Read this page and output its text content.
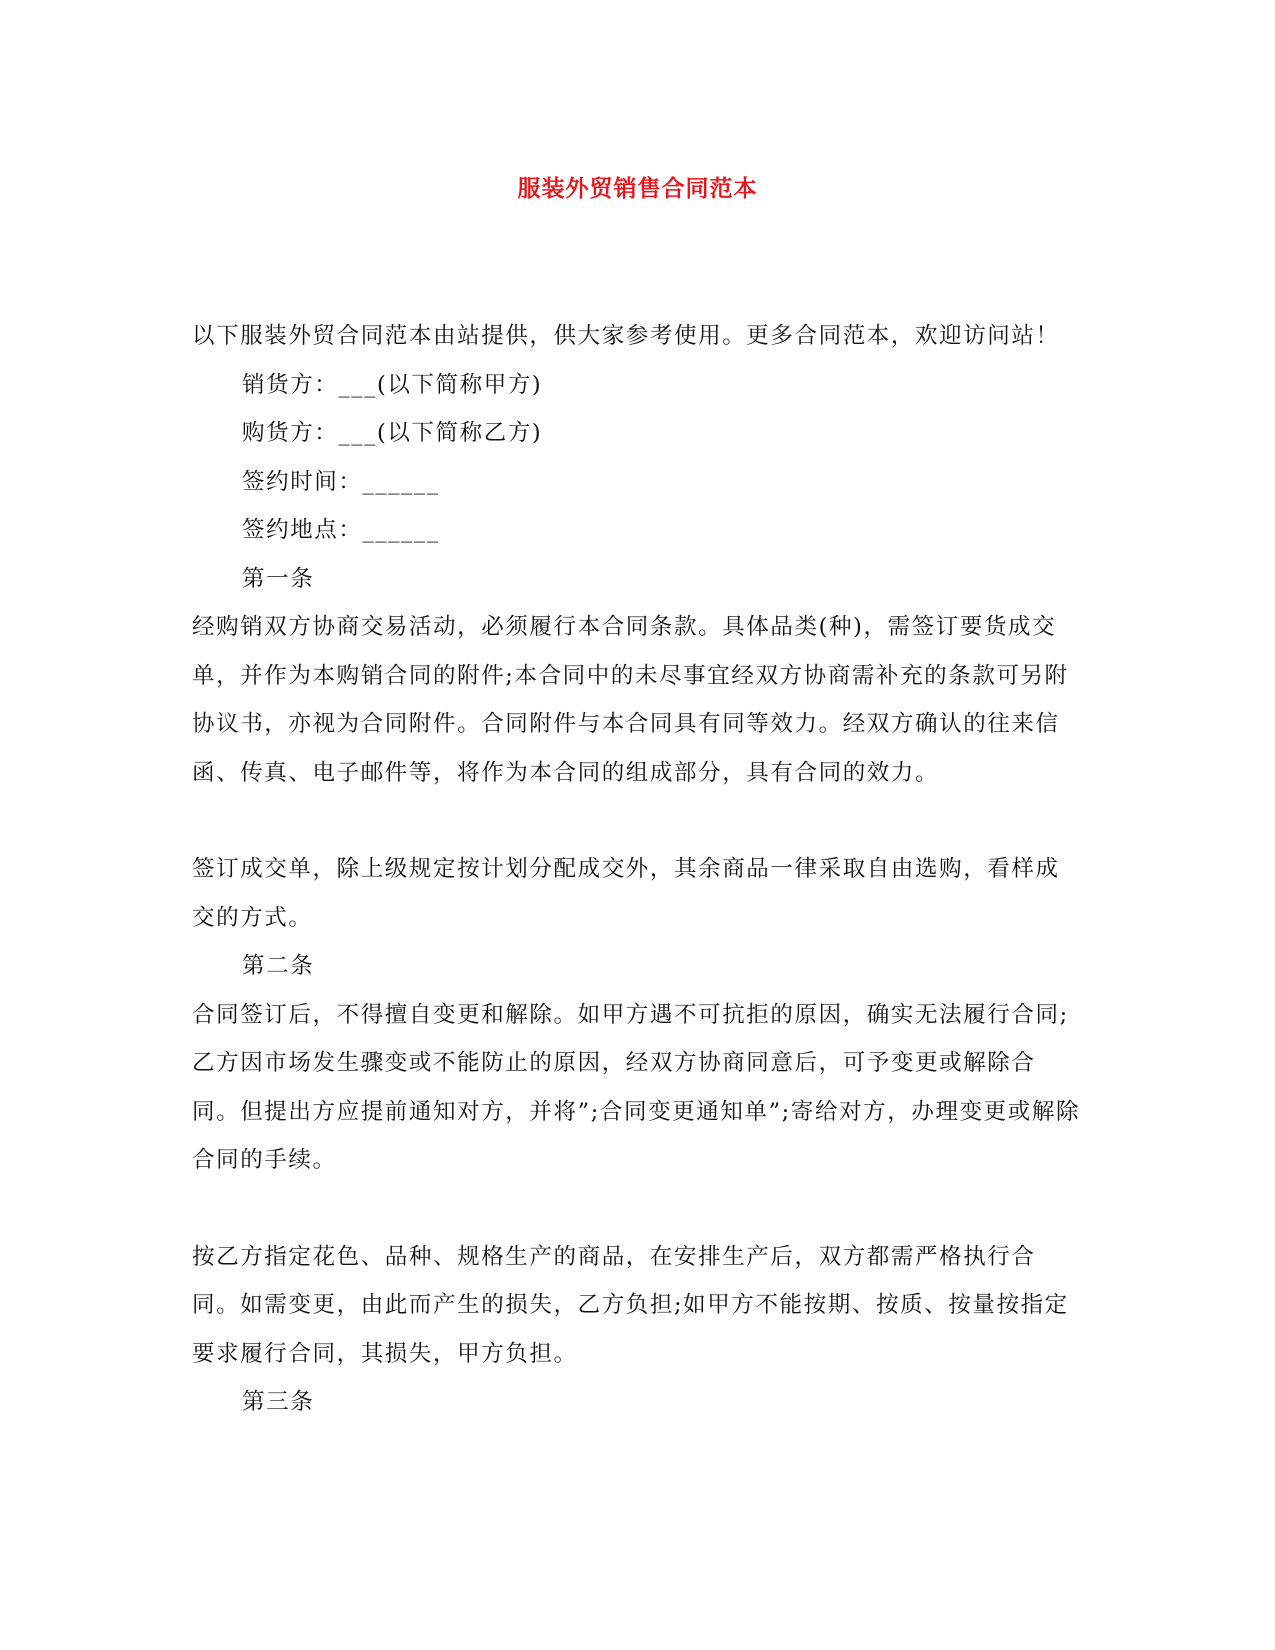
服装外贸销售合同范本

以下服装外贸合同范本由站提供，供大家参考使用。更多合同范本，欢迎访问站！

销货方：___(以下简称甲方)

购货方：___(以下简称乙方)

签约时间：______

签约地点：______

第一条

经购销双方协商交易活动，必须履行本合同条款。具体品类(种)，需签订要货成交单，并作为本购销合同的附件;本合同中的未尽事宜经双方协商需补充的条款可另附协议书，亦视为合同附件。合同附件与本合同具有同等效力。经双方确认的往来信函、传真、电子邮件等，将作为本合同的组成部分，具有合同的效力。

签订成交单，除上级规定按计划分配成交外，其余商品一律采取自由选购，看样成交的方式。

第二条

合同签订后，不得擅自变更和解除。如甲方遇不可抗拒的原因，确实无法履行合同;乙方因市场发生骤变或不能防止的原因，经双方协商同意后，可予变更或解除合同。但提出方应提前通知对方，并将”;合同变更通知单”;寄给对方，办理变更或解除合同的手续。

按乙方指定花色、品种、规格生产的商品，在安排生产后，双方都需严格执行合同。如需变更，由此而产生的损失，乙方负担;如甲方不能按期、按质、按量按指定要求履行合同，其损失，甲方负担。

第三条
